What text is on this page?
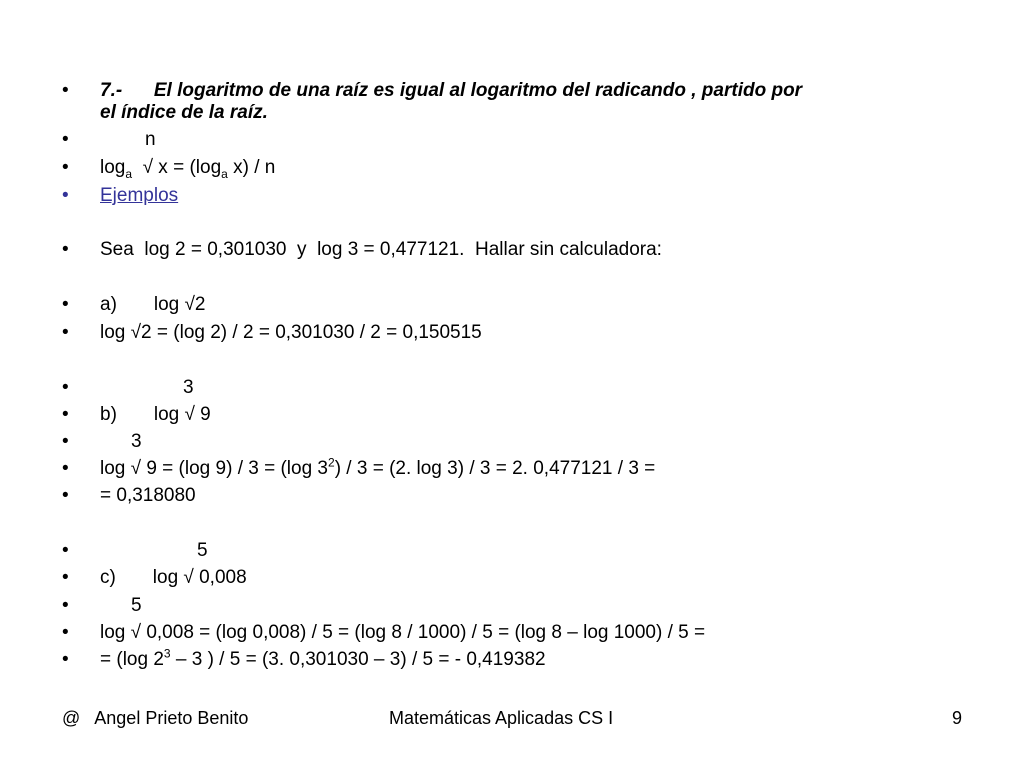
• 7.-      El logaritmo de una raíz es igual al logaritmo del radicando , partido por
el índice de la raíz.

•

	n

•

$\log_a$  √ $x = (\log_a$ x) / n

•

Ejemplos

•

Sea  log 2 = 0,301030  y  log 3 = 0,477121.  Hallar sin calculadora:

•

a)       log √2

•

log √2 = (log 2) / 2 = 0,301030 / 2 = 0,150515

•

	3

•

b)       log √ 9

•

	3

•

log √ 9 = (log 9) / 3 = (log $3^2) / 3 = (2$. log 3) / 3 = 2. 0,477121 / 3 =

•

= 0,318080

•

	5

•

c)       log √ 0,008

•

	5

•

log √ 0,008 = (log 0,008) / 5 = (log 8 / 1000) / 5 = (log 8 – log 1000) / 5 =

•

= (log $2^3 - 3$ ) / 5 = (3. 0,301030 – 3) / 5 = - 0,419382

@   Angel Prieto Benito	Matemáticas Aplicadas CS I	9
